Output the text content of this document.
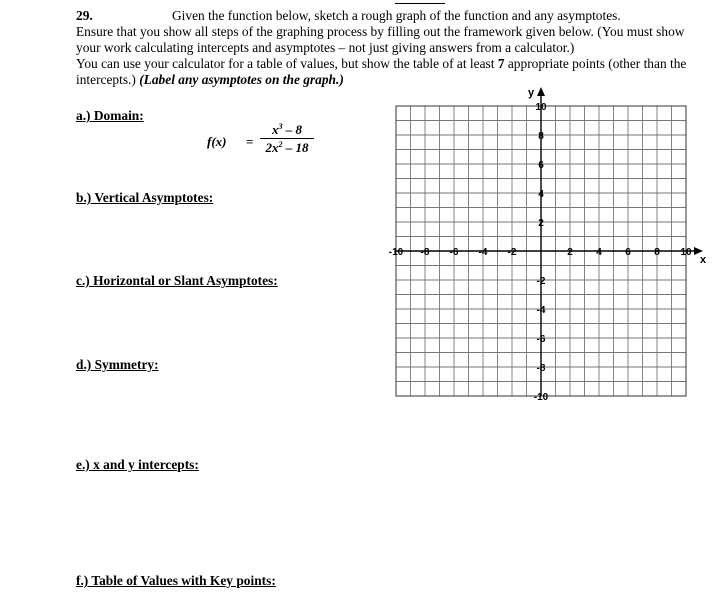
29.	Given the function below, sketch a rough graph of the function and any asymptotes.
Ensure that you show all steps of the graphing process by filling out the framework given below. (You must show your work calculating intercepts and asymptotes – not just giving answers from a calculator.)
You can use your calculator for a table of values, but show the table of at least 7 appropriate points (other than the intercepts.) (Label any asymptotes on the graph.)
a.) Domain:
f(x) =
$x^3 - 8$
$2x^2 - 18$
b.) Vertical Asymptotes:
c.) Horizontal or Slant Asymptotes:
d.) Symmetry:
e.) x and y intercepts:
f.) Table of Values with Key points:
-10 -8 -6 -4 -2	2 4 6 8 10
10
8
6
4
2
-2
-4
-6
-8
-10
x
y
